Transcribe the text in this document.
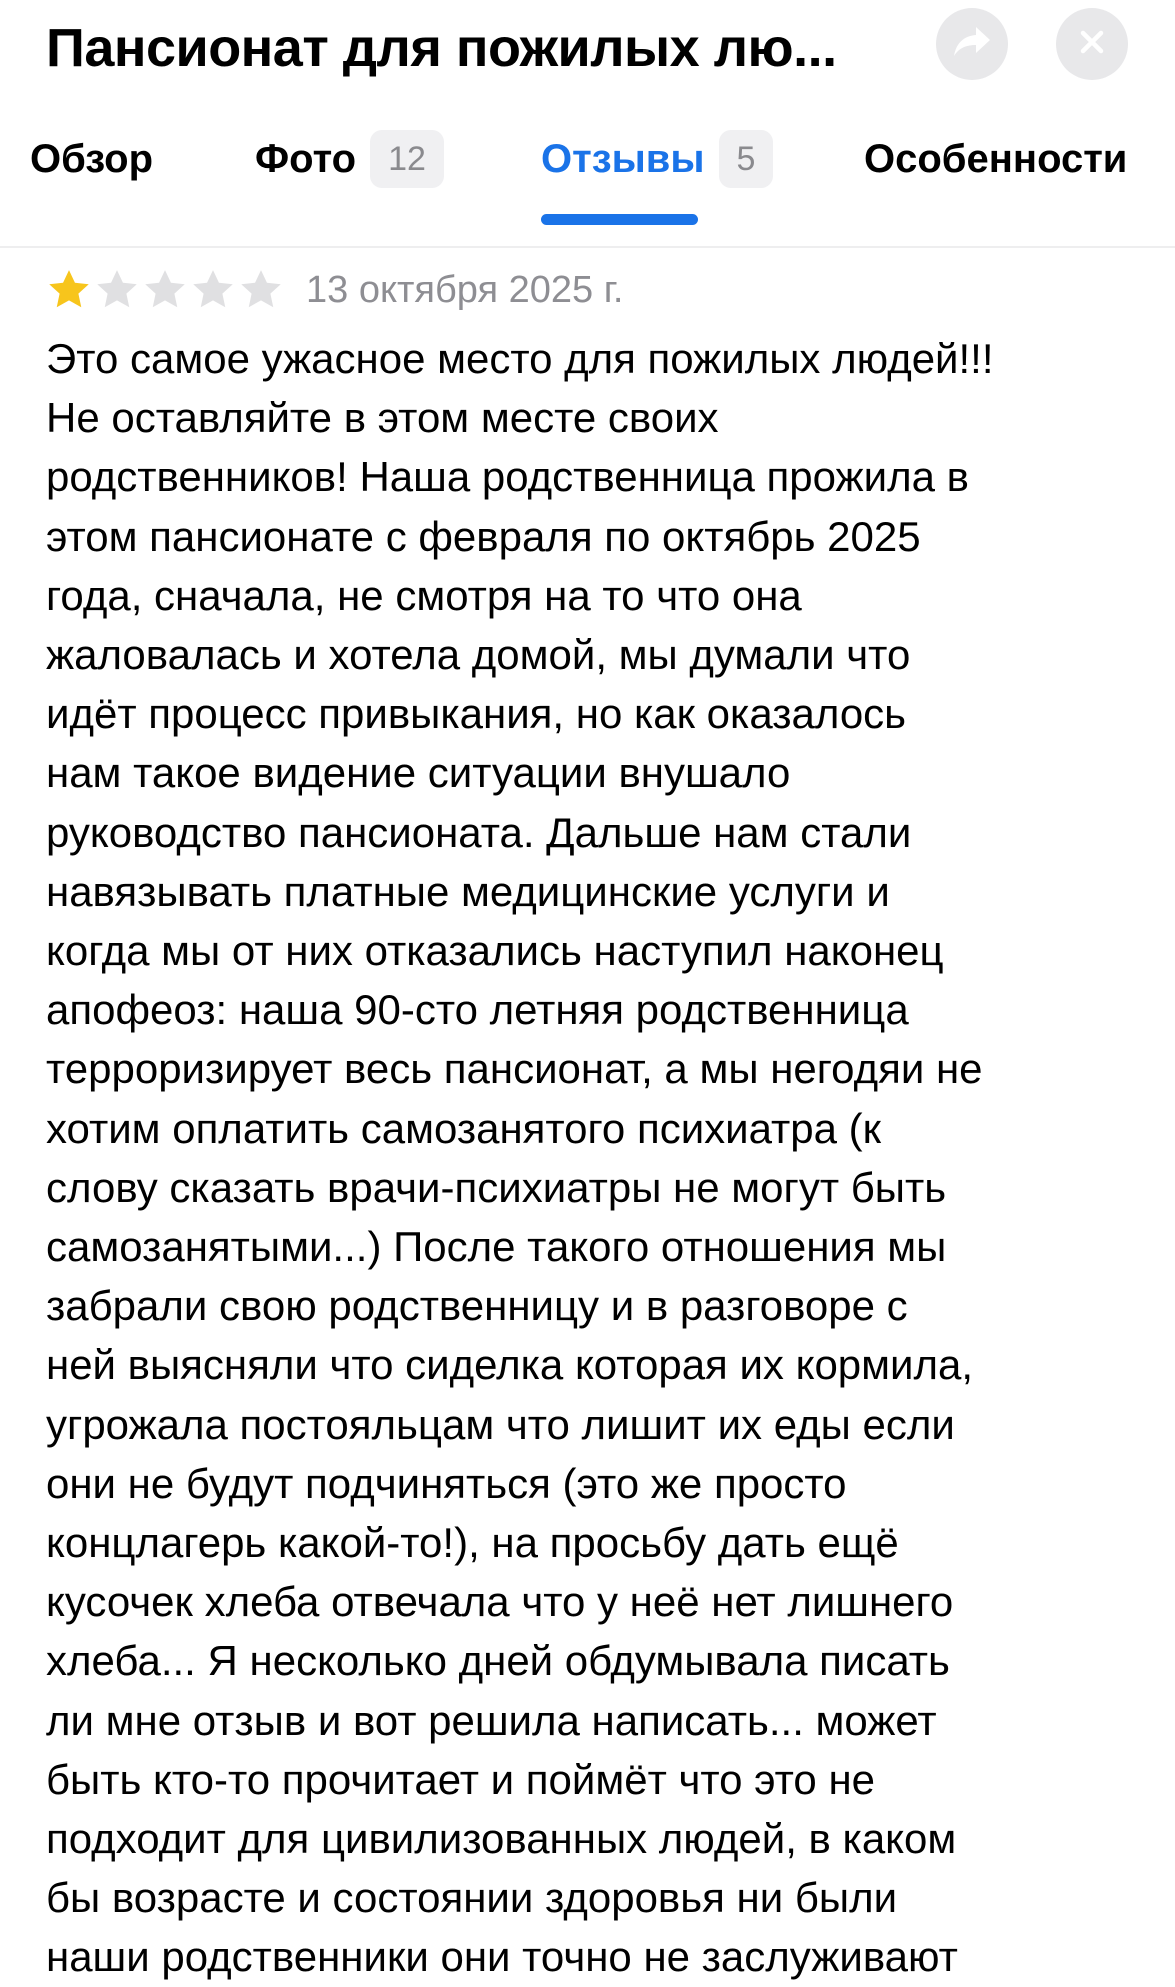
Пансионат для пожилых лю...
Обзор	Фото 12	Отзывы 5	Особенности
13 октября 2025 г.
Это самое ужасное место для пожилых людей!!!
Не оставляйте в этом месте своих
родственников! Наша родственница прожила в
этом пансионате с февраля по октябрь 2025
года, сначала, не смотря на то что она
жаловалась и хотела домой, мы думали что
идёт процесс привыкания, но как оказалось
нам такое видение ситуации внушало
руководство пансионата. Дальше нам стали
навязывать платные медицинские услуги и
когда мы от них отказались наступил наконец
апофеоз: наша 90-сто летняя родственница
терроризирует весь пансионат, а мы негодяи не
хотим оплатить самозанятого психиатра (к
слову сказать врачи-психиатры не могут быть
самозанятыми...) После такого отношения мы
забрали свою родственницу и в разговоре с
ней выясняли что сиделка которая их кормила,
угрожала постояльцам что лишит их еды если
они не будут подчиняться (это же просто
концлагерь какой-то!), на просьбу дать ещё
кусочек хлеба отвечала что у неё нет лишнего
хлеба... Я несколько дней обдумывала писать
ли мне отзыв и вот решила написать... может
быть кто-то прочитает и поймёт что это не
подходит для цивилизованных людей, в каком
бы возрасте и состоянии здоровья ни были
наши родственники они точно не заслуживают
